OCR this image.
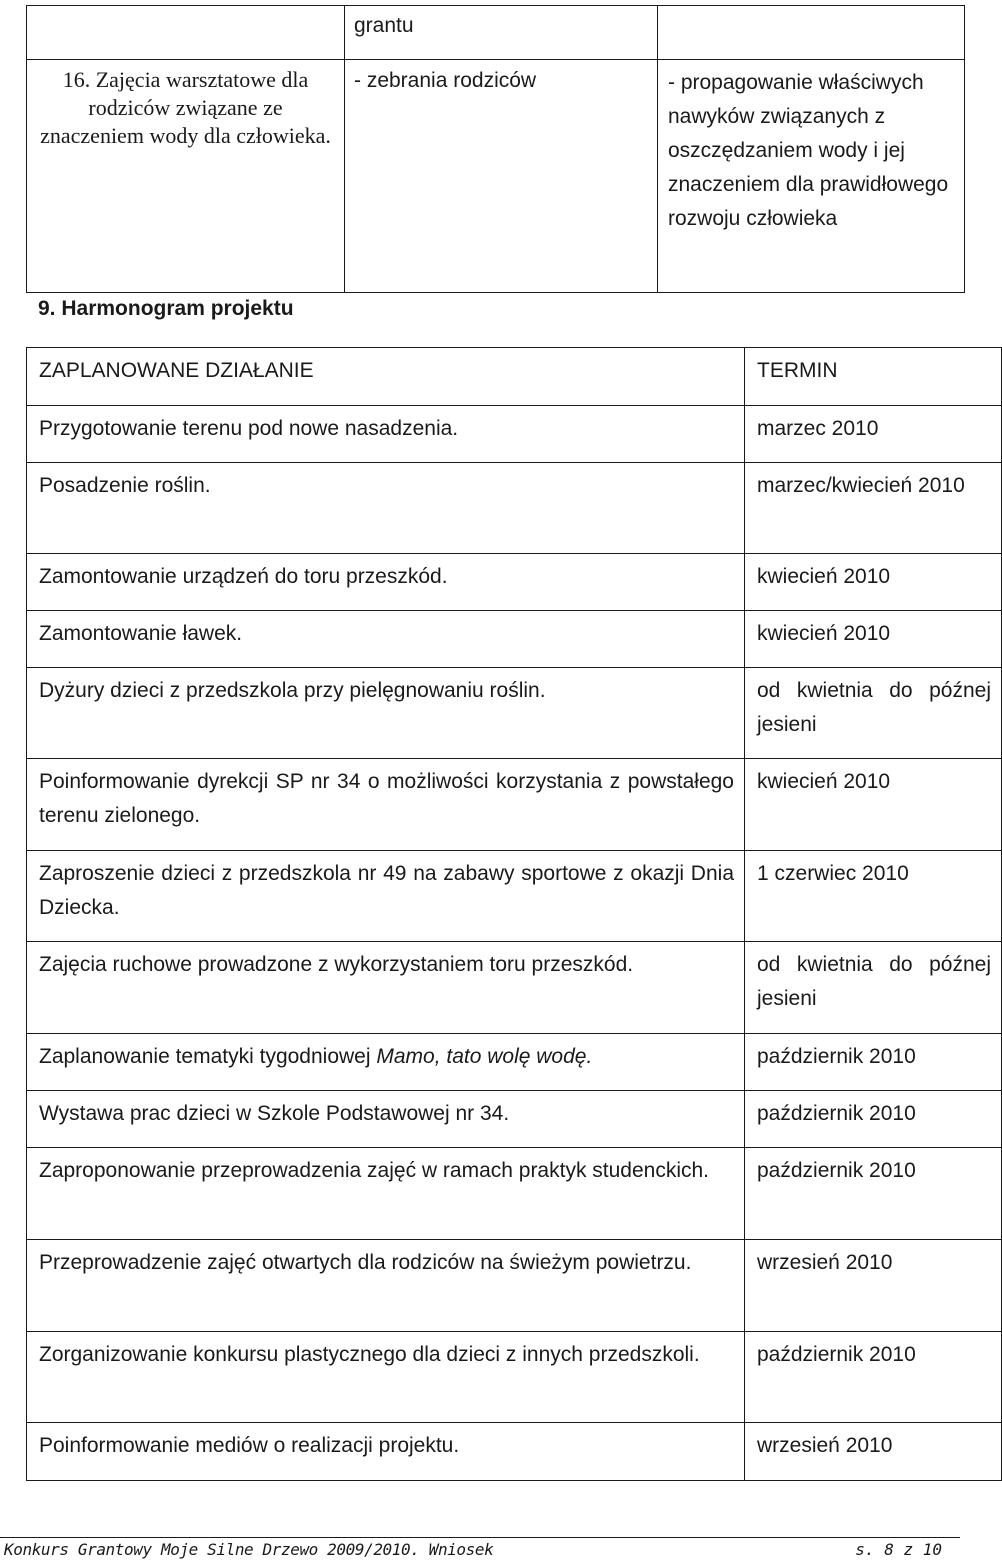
	grantu	
16. Zajęcia warsztatowe dla rodziców związane ze znaczeniem wody dla człowieka.	- zebrania rodziców	- propagowanie właściwych nawyków związanych z oszczędzaniem wody i jej znaczeniem dla prawidłowego rozwoju człowieka
9. Harmonogram projektu
ZAPLANOWANE DZIAŁANIE	TERMIN
Przygotowanie terenu pod nowe nasadzenia.	marzec 2010
Posadzenie roślin.	marzec/kwiecień 2010
Zamontowanie urządzeń do toru przeszkód.	kwiecień 2010
Zamontowanie ławek.	kwiecień 2010
Dyżury dzieci z przedszkola przy pielęgnowaniu roślin.	od kwietnia do późnej jesieni
Poinformowanie dyrekcji SP nr 34 o możliwości korzystania z powstałego terenu zielonego.	kwiecień 2010
Zaproszenie dzieci z przedszkola nr 49 na zabawy sportowe z okazji Dnia Dziecka.	1 czerwiec 2010
Zajęcia ruchowe prowadzone z wykorzystaniem toru przeszkód.	od kwietnia do późnej jesieni
Zaplanowanie tematyki tygodniowej Mamo, tato wolę wodę.	październik 2010
Wystawa prac dzieci w Szkole Podstawowej nr 34.	październik 2010
Zaproponowanie przeprowadzenia zajęć w ramach praktyk studenckich.	październik 2010
Przeprowadzenie zajęć otwartych dla rodziców na świeżym powietrzu.	wrzesień 2010
Zorganizowanie konkursu plastycznego dla dzieci z innych przedszkoli.	październik 2010
Poinformowanie mediów o realizacji projektu.	wrzesień 2010
Konkurs Grantowy Moje Silne Drzewo 2009/2010. Wniosek	s. 8 z 10
